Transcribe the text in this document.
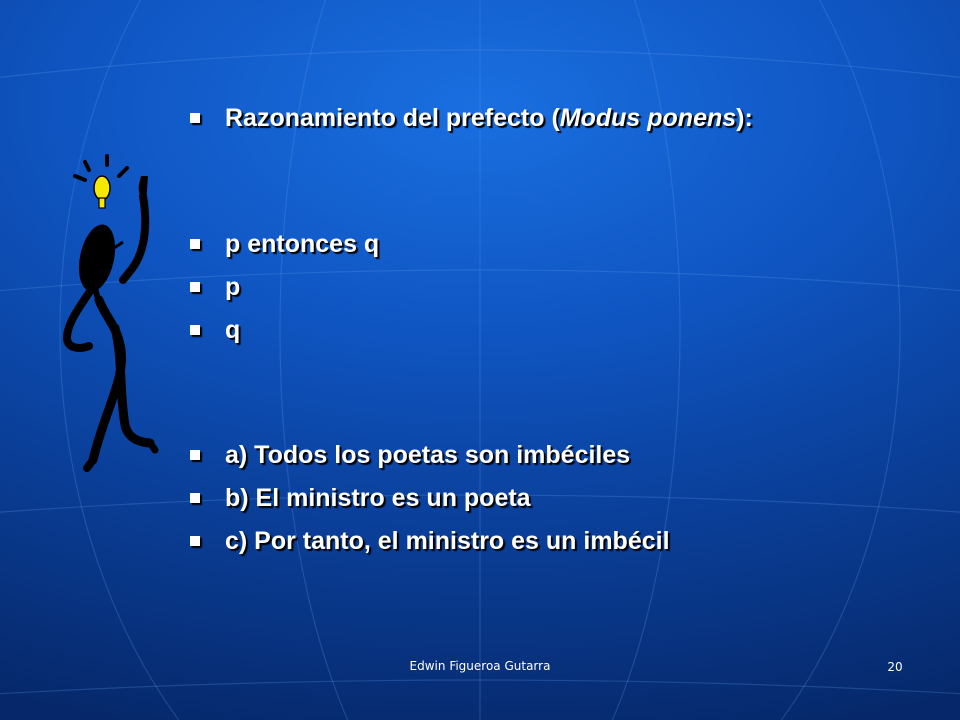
Razonamiento del prefecto ( Modus ponens ):
p entonces q
p
q
a) Todos los poetas son imbéciles
b) El ministro es un poeta
c) Por tanto, el ministro es un imbécil
Edwin Figueroa Gutarra	20
